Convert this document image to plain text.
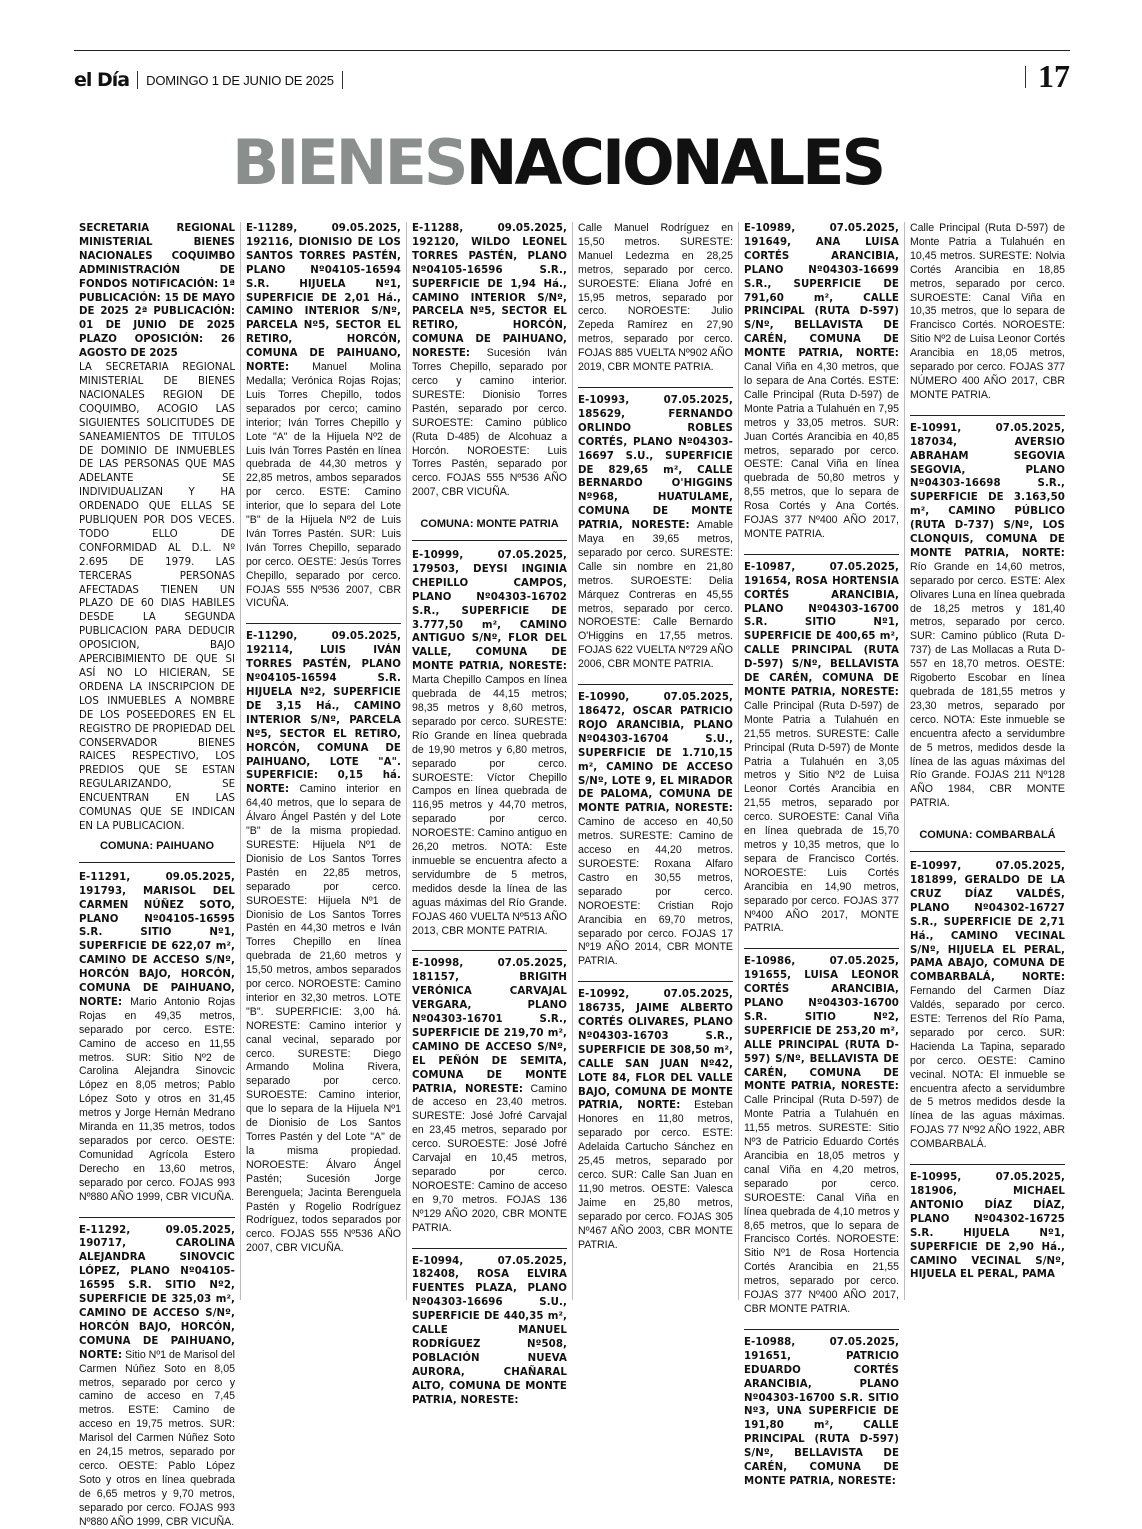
el Día DOMINGO 1 DE JUNIO DE 2025	17
BIENESNACIONALES
SECRETARIA REGIONAL MINISTERIAL BIENES NACIONALES COQUIMBO ADMINISTRACIÓN DE FONDOS NOTIFICACIÓN: 1ª PUBLICACIÓN: 15 DE MAYO DE 2025 2ª PUBLICACIÓN: 01 DE JUNIO DE 2025 PLAZO OPOSICIÓN: 26 AGOSTO DE 2025
LA SECRETARIA REGIONAL MINISTERIAL DE BIENES NACIONALES REGION DE COQUIMBO, ACOGIO LAS SIGUIENTES SOLICITUDES DE SANEAMIENTOS DE TITULOS DE DOMINIO DE INMUEBLES DE LAS PERSONAS QUE MAS ADELANTE SE INDIVIDUALIZAN Y HA ORDENADO QUE ELLAS SE PUBLIQUEN POR DOS VECES. TODO ELLO DE CONFORMIDAD AL D.L. Nº 2.695 DE 1979. LAS TERCERAS PERSONAS AFECTADAS TIENEN UN PLAZO DE 60 DIAS HABILES DESDE LA SEGUNDA PUBLICACION PARA DEDUCIR OPOSICION, BAJO APERCIBIMIENTO DE QUE SI ASÍ NO LO HICIERAN, SE ORDENA LA INSCRIPCION DE LOS INMUEBLES A NOMBRE DE LOS POSEEDORES EN EL REGISTRO DE PROPIEDAD DEL CONSERVADOR BIENES RAICES RESPECTIVO, LOS PREDIOS QUE SE ESTAN REGULARIZANDO, SE ENCUENTRAN EN LAS COMUNAS QUE SE INDICAN EN LA PUBLICACION.
COMUNA: PAIHUANO
E-11291, 09.05.2025, 191793, MARISOL DEL CARMEN NÚÑEZ SOTO, PLANO Nº04105-16595 S.R. SITIO Nº1, SUPERFICIE DE 622,07 m², CAMINO DE ACCESO S/Nº, HORCÓN BAJO, HORCÓN, COMUNA DE PAIHUANO, NORTE: Mario Antonio Rojas Rojas en 49,35 metros, separado por cerco. ESTE: Camino de acceso en 11,55 metros. SUR: Sitio Nº2 de Carolina Alejandra Sinovcic López en 8,05 metros; Pablo López Soto y otros en 31,45 metros y Jorge Hernán Medrano Miranda en 11,35 metros, todos separados por cerco. OESTE: Comunidad Agrícola Estero Derecho en 13,60 metros, separado por cerco. FOJAS 993 Nº880 AÑO 1999, CBR VICUÑA.
E-11292, 09.05.2025, 190717, CAROLINA ALEJANDRA SINOVCIC LÓPEZ, PLANO Nº04105-16595 S.R. SITIO Nº2, SUPERFICIE DE 325,03 m², CAMINO DE ACCESO S/Nº, HORCÓN BAJO, HORCÓN, COMUNA DE PAIHUANO, NORTE: Sitio Nº1 de Marisol del Carmen Núñez Soto en 8,05 metros, separado por cerco y camino de acceso en 7,45 metros. ESTE: Camino de acceso en 19,75 metros. SUR: Marisol del Carmen Núñez Soto en 24,15 metros, separado por cerco. OESTE: Pablo López Soto y otros en línea quebrada de 6,65 metros y 9,70 metros, separado por cerco. FOJAS 993 Nº880 AÑO 1999, CBR VICUÑA.
E-11289, 09.05.2025, 192116, DIONISIO DE LOS SANTOS TORRES PASTÉN, PLANO Nº04105-16594 S.R. HIJUELA Nº1, SUPERFICIE DE 2,01 Há., CAMINO INTERIOR S/Nº, PARCELA Nº5, SECTOR EL RETIRO, HORCÓN, COMUNA DE PAIHUANO, NORTE: Manuel Molina Medalla; Verónica Rojas Rojas; Luis Torres Chepillo, todos separados por cerco; camino interior; Iván Torres Chepillo y Lote "A" de la Hijuela Nº2 de Luis Iván Torres Pastén en línea quebrada de 44,30 metros y 22,85 metros, ambos separados por cerco. ESTE: Camino interior, que lo separa del Lote "B" de la Hijuela Nº2 de Luis Iván Torres Pastén. SUR: Luis Iván Torres Chepillo, separado por cerco. OESTE: Jesús Torres Chepillo, separado por cerco. FOJAS 555 Nº536 2007, CBR VICUÑA.
E-11290, 09.05.2025, 192114, LUIS IVÁN TORRES PASTÉN, PLANO Nº04105-16594 S.R. HIJUELA Nº2, SUPERFICIE DE 3,15 Há., CAMINO INTERIOR S/Nº, PARCELA Nº5, SECTOR EL RETIRO, HORCÓN, COMUNA DE PAIHUANO, LOTE "A". SUPERFICIE: 0,15 há. NORTE: Camino interior en 64,40 metros, que lo separa de Álvaro Ángel Pastén y del Lote "B" de la misma propiedad. SURESTE: Hijuela Nº1 de Dionisio de Los Santos Torres Pastén en 22,85 metros, separado por cerco. SUROESTE: Hijuela Nº1 de Dionisio de Los Santos Torres Pastén en 44,30 metros e Iván Torres Chepillo en línea quebrada de 21,60 metros y 15,50 metros, ambos separados por cerco. NOROESTE: Camino interior en 32,30 metros. LOTE "B". SUPERFICIE: 3,00 há. NORESTE: Camino interior y canal vecinal, separado por cerco. SURESTE: Diego Armando Molina Rivera, separado por cerco. SUROESTE: Camino interior, que lo separa de la Hijuela Nº1 de Dionisio de Los Santos Torres Pastén y del Lote "A" de la misma propiedad. NOROESTE: Álvaro Ángel Pastén; Sucesión Jorge Berenguela; Jacinta Berenguela Pastén y Rogelio Rodríguez Rodríguez, todos separados por cerco. FOJAS 555 Nº536 AÑO 2007, CBR VICUÑA.
E-11288, 09.05.2025, 192120, WILDO LEONEL TORRES PASTÉN, PLANO Nº04105-16596 S.R., SUPERFICIE DE 1,94 Há., CAMINO INTERIOR S/Nº, PARCELA Nº5, SECTOR EL RETIRO, HORCÓN, COMUNA DE PAIHUANO, NORESTE: Sucesión Iván Torres Chepillo, separado por cerco y camino interior. SURESTE: Dionisio Torres Pastén, separado por cerco. SUROESTE: Camino público (Ruta D-485) de Alcohuaz a Horcón. NOROESTE: Luis Torres Pastén, separado por cerco. FOJAS 555 Nº536 AÑO 2007, CBR VICUÑA.
COMUNA: MONTE PATRIA
E-10999, 07.05.2025, 179503, DEYSI INGINIA CHEPILLO CAMPOS, PLANO Nº04303-16702 S.R., SUPERFICIE DE 3.777,50 m², CAMINO ANTIGUO S/Nº, FLOR DEL VALLE, COMUNA DE MONTE PATRIA, NORESTE: Marta Chepillo Campos en línea quebrada de 44,15 metros; 98,35 metros y 8,60 metros, separado por cerco. SURESTE: Río Grande en línea quebrada de 19,90 metros y 6,80 metros, separado por cerco. SUROESTE: Víctor Chepillo Campos en línea quebrada de 116,95 metros y 44,70 metros, separado por cerco. NOROESTE: Camino antiguo en 26,20 metros. NOTA: Este inmueble se encuentra afecto a servidumbre de 5 metros, medidos desde la línea de las aguas máximas del Río Grande. FOJAS 460 VUELTA Nº513 AÑO 2013, CBR MONTE PATRIA.
E-10998, 07.05.2025, 181157, BRIGITH VERÓNICA CARVAJAL VERGARA, PLANO Nº04303-16701 S.R., SUPERFICIE DE 219,70 m², CAMINO DE ACCESO S/Nº, EL PEÑÓN DE SEMITA, COMUNA DE MONTE PATRIA, NORESTE: Camino de acceso en 23,40 metros. SURESTE: José Jofré Carvajal en 23,45 metros, separado por cerco. SUROESTE: José Jofré Carvajal en 10,45 metros, separado por cerco. NOROESTE: Camino de acceso en 9,70 metros. FOJAS 136 Nº129 AÑO 2020, CBR MONTE PATRIA.
E-10994, 07.05.2025, 182408, ROSA ELVIRA FUENTES PLAZA, PLANO Nº04303-16696 S.U., SUPERFICIE DE 440,35 m², CALLE MANUEL RODRÍGUEZ Nº508, POBLACIÓN NUEVA AURORA, CHAÑARAL ALTO, COMUNA DE MONTE PATRIA, NORESTE:
Calle Manuel Rodríguez en 15,50 metros. SURESTE: Manuel Ledezma en 28,25 metros, separado por cerco. SUROESTE: Eliana Jofré en 15,95 metros, separado por cerco. NOROESTE: Julio Zepeda Ramírez en 27,90 metros, separado por cerco. FOJAS 885 VUELTA Nº902 AÑO 2019, CBR MONTE PATRIA.
E-10993, 07.05.2025, 185629, FERNANDO ORLINDO ROBLES CORTÉS, PLANO Nº04303-16697 S.U., SUPERFICIE DE 829,65 m², CALLE BERNARDO O'HIGGINS Nº968, HUATULAME, COMUNA DE MONTE PATRIA, NORESTE: Amable Maya en 39,65 metros, separado por cerco. SURESTE: Calle sin nombre en 21,80 metros. SUROESTE: Delia Márquez Contreras en 45,55 metros, separado por cerco. NOROESTE: Calle Bernardo O'Higgins en 17,55 metros. FOJAS 622 VUELTA Nº729 AÑO 2006, CBR MONTE PATRIA.
E-10990, 07.05.2025, 186472, OSCAR PATRICIO ROJO ARANCIBIA, PLANO Nº04303-16704 S.U., SUPERFICIE DE 1.710,15 m², CAMINO DE ACCESO S/Nº, LOTE 9, EL MIRADOR DE PALOMA, COMUNA DE MONTE PATRIA, NORESTE: Camino de acceso en 40,50 metros. SURESTE: Camino de acceso en 44,20 metros. SUROESTE: Roxana Alfaro Castro en 30,55 metros, separado por cerco. NOROESTE: Cristian Rojo Arancibia en 69,70 metros, separado por cerco. FOJAS 17 Nº19 AÑO 2014, CBR MONTE PATRIA.
E-10992, 07.05.2025, 186735, JAIME ALBERTO CORTÉS OLIVARES, PLANO Nº04303-16703 S.R., SUPERFICIE DE 308,50 m², CALLE SAN JUAN Nº42, LOTE 84, FLOR DEL VALLE BAJO, COMUNA DE MONTE PATRIA, NORTE: Esteban Honores en 11,80 metros, separado por cerco. ESTE: Adelaida Cartucho Sánchez en 25,45 metros, separado por cerco. SUR: Calle San Juan en 11,90 metros. OESTE: Valesca Jaime en 25,80 metros, separado por cerco. FOJAS 305 Nº467 AÑO 2003, CBR MONTE PATRIA.
E-10989, 07.05.2025, 191649, ANA LUISA CORTÉS ARANCIBIA, PLANO Nº04303-16699 S.R., SUPERFICIE DE 791,60 m², CALLE PRINCIPAL (RUTA D-597) S/Nº, BELLAVISTA DE CARÉN, COMUNA DE MONTE PATRIA, NORTE: Canal Viña en 4,30 metros, que lo separa de Ana Cortés. ESTE: Calle Principal (Ruta D-597) de Monte Patria a Tulahuén en 7,95 metros y 33,05 metros. SUR: Juan Cortés Arancibia en 40,85 metros, separado por cerco. OESTE: Canal Viña en línea quebrada de 50,80 metros y 8,55 metros, que lo separa de Rosa Cortés y Ana Cortés. FOJAS 377 Nº400 AÑO 2017, MONTE PATRIA.
E-10987, 07.05.2025, 191654, ROSA HORTENSIA CORTÉS ARANCIBIA, PLANO Nº04303-16700 S.R. SITIO Nº1, SUPERFICIE DE 400,65 m², CALLE PRINCIPAL (RUTA D-597) S/Nº, BELLAVISTA DE CARÉN, COMUNA DE MONTE PATRIA, NORESTE: Calle Principal (Ruta D-597) de Monte Patria a Tulahuén en 21,55 metros. SURESTE: Calle Principal (Ruta D-597) de Monte Patria a Tulahuén en 3,05 metros y Sitio Nº2 de Luisa Leonor Cortés Arancibia en 21,55 metros, separado por cerco. SUROESTE: Canal Viña en línea quebrada de 15,70 metros y 10,35 metros, que lo separa de Francisco Cortés. NOROESTE: Luis Cortés Arancibia en 14,90 metros, separado por cerco. FOJAS 377 Nº400 AÑO 2017, MONTE PATRIA.
E-10986, 07.05.2025, 191655, LUISA LEONOR CORTÉS ARANCIBIA, PLANO Nº04303-16700 S.R. SITIO Nº2, SUPERFICIE DE 253,20 m², ALLE PRINCIPAL (RUTA D-597) S/Nº, BELLAVISTA DE CARÉN, COMUNA DE MONTE PATRIA, NORESTE: Calle Principal (Ruta D-597) de Monte Patria a Tulahuén en 11,55 metros. SURESTE: Sitio Nº3 de Patricio Eduardo Cortés Arancibia en 18,05 metros y canal Viña en 4,20 metros, separado por cerco. SUROESTE: Canal Viña en línea quebrada de 4,10 metros y 8,65 metros, que lo separa de Francisco Cortés. NOROESTE: Sitio Nº1 de Rosa Hortencia Cortés Arancibia en 21,55 metros, separado por cerco. FOJAS 377 Nº400 AÑO 2017, CBR MONTE PATRIA.
E-10988, 07.05.2025, 191651, PATRICIO EDUARDO CORTÉS ARANCIBIA, PLANO Nº04303-16700 S.R. SITIO Nº3, UNA SUPERFICIE DE 191,80 m², CALLE PRINCIPAL (RUTA D-597) S/Nº, BELLAVISTA DE CARÉN, COMUNA DE MONTE PATRIA, NORESTE:
Calle Principal (Ruta D-597) de Monte Patria a Tulahuén en 10,45 metros. SURESTE: Nolvia Cortés Arancibia en 18,85 metros, separado por cerco. SUROESTE: Canal Viña en 10,35 metros, que lo separa de Francisco Cortés. NOROESTE: Sitio Nº2 de Luisa Leonor Cortés Arancibia en 18,05 metros, separado por cerco. FOJAS 377 NÚMERO 400 AÑO 2017, CBR MONTE PATRIA.
E-10991, 07.05.2025, 187034, AVERSIO ABRAHAM SEGOVIA SEGOVIA, PLANO Nº04303-16698 S.R., SUPERFICIE DE 3.163,50 m², CAMINO PÚBLICO (RUTA D-737) S/Nº, LOS CLONQUIS, COMUNA DE MONTE PATRIA, NORTE: Río Grande en 14,60 metros, separado por cerco. ESTE: Alex Olivares Luna en línea quebrada de 18,25 metros y 181,40 metros, separado por cerco. SUR: Camino público (Ruta D-737) de Las Mollacas a Ruta D-557 en 18,70 metros. OESTE: Rigoberto Escobar en línea quebrada de 181,55 metros y 23,30 metros, separado por cerco. NOTA: Este inmueble se encuentra afecto a servidumbre de 5 metros, medidos desde la línea de las aguas máximas del Río Grande. FOJAS 211 Nº128 AÑO 1984, CBR MONTE PATRIA.
COMUNA: COMBARBALÁ
E-10997, 07.05.2025, 181899, GERALDO DE LA CRUZ DÍAZ VALDÉS, PLANO Nº04302-16727 S.R., SUPERFICIE DE 2,71 Há., CAMINO VECINAL S/Nº, HIJUELA EL PERAL, PAMA ABAJO, COMUNA DE COMBARBALÁ, NORTE: Fernando del Carmen Díaz Valdés, separado por cerco. ESTE: Terrenos del Río Pama, separado por cerco. SUR: Hacienda La Tapina, separado por cerco. OESTE: Camino vecinal. NOTA: El inmueble se encuentra afecto a servidumbre de 5 metros medidos desde la línea de las aguas máximas. FOJAS 77 Nº92 AÑO 1922, ABR COMBARBALÁ.
E-10995, 07.05.2025, 181906, MICHAEL ANTONIO DÍAZ DÍAZ, PLANO Nº04302-16725 S.R. HIJUELA Nº1, SUPERFICIE DE 2,90 Há., CAMINO VECINAL S/Nº, HIJUELA EL PERAL, PAMA
